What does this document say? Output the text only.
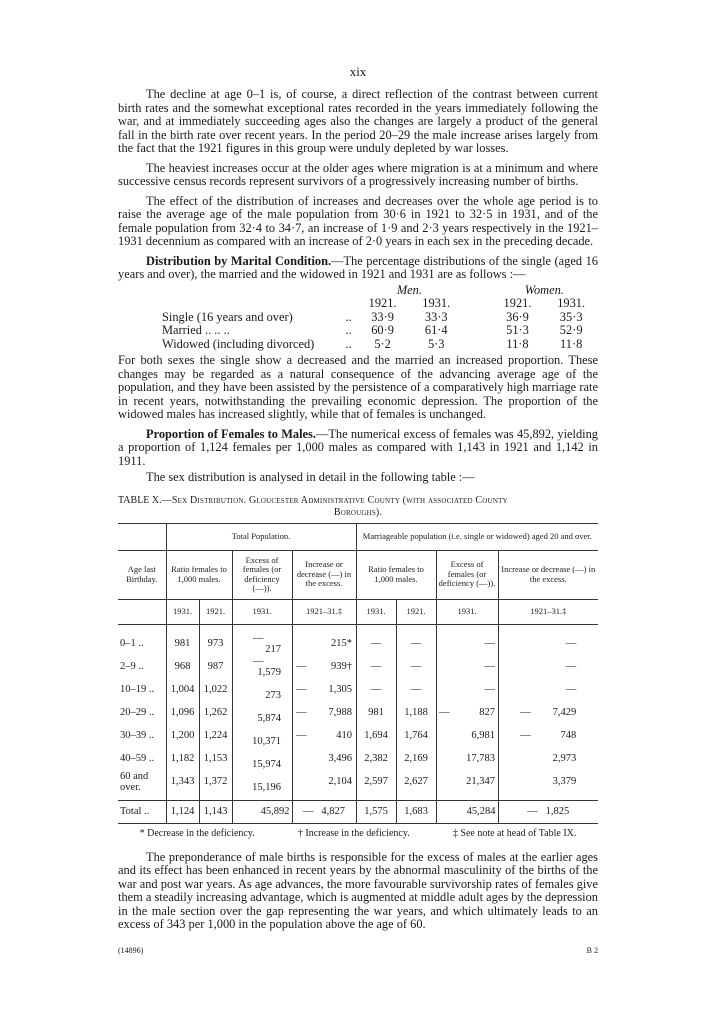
xix

The decline at age 0–1 is, of course, a direct reflection of the contrast between current birth rates and the somewhat exceptional rates recorded in the years immediately following the war, and at immediately succeeding ages also the changes are largely a product of the general fall in the birth rate over recent years. In the period 20–29 the male increase arises largely from the fact that the 1921 figures in this group were unduly depleted by war losses.

The heaviest increases occur at the older ages where migration is at a minimum and where successive census records represent survivors of a progressively increasing number of births.

The effect of the distribution of increases and decreases over the whole age period is to raise the average age of the male population from 30·6 in 1921 to 32·5 in 1931, and of the female population from 32·4 to 34·7, an increase of 1·9 and 2·3 years respectively in the 1921–1931 decennium as compared with an increase of 2·0 years in each sex in the preceding decade.

Distribution by Marital Condition.—The percentage distributions of the single (aged 16 years and over), the married and the widowed in 1921 and 1931 are as follows :—

		Men.			Women.	
		1921.	1931.		1921.	1931.
Single (16 years and over)	..	33·9	33·3		36·9	35·3
Married .. .. ..	..	60·9	61·4		51·3	52·9
Widowed (including divorced)	..	5·2	5·3		11·8	11·8

For both sexes the single show a decreased and the married an increased proportion. These changes may be regarded as a natural consequence of the advancing average age of the population, and they have been assisted by the persistence of a comparatively high marriage rate in recent years, notwithstanding the prevailing economic depression. The proportion of the widowed males has increased slightly, while that of females is unchanged.

Proportion of Females to Males.—The numerical excess of females was 45,892, yielding a proportion of 1,124 females per 1,000 males as compared with 1,143 in 1921 and 1,142 in 1911.

The sex distribution is analysed in detail in the following table :—

TABLE X.—Sex Distribution. Gloucester Administrative County (with associated County
Boroughs).
	Total Population.				Marriageable population (i.e. single or widowed) aged 20 and over.			
Age last Birthday.	Ratio females to 1,000 males.		Excess of females (or deficiency (—)).	Increase or decrease (—) in the excess.	Ratio females to 1,000 males.		Excess of females (or deficiency (—)).	Increase or decrease (—) in the excess.
	1931.	1921.	1931.	1921–31.‡	1931.	1921.	1931.	1921–31.‡
0–1 ..	981	973	—217	215*	—	—	—	—
2–9 ..	968	987	—1,579	— 939†	—	—	—	—
10–19 ..	1,004	1,022	273	— 1,305	—	—	—	—
20–29 ..	1,096	1,262	5,874	— 7,988	981	1,188	— 827	— 7,429
30–39 ..	1,200	1,224	10,371	— 410	1,694	1,764	6,981	— 748
40–59 ..	1,182	1,153	15,974	3,496	2,382	2,169	17,783	2,973
60 and over.	1,343	1,372	15,196	2,104	2,597	2,627	21,347	3,379

Total ..	1,124	1,143	45,892	— 4,827	1,575	1,683	45,284	— 1,825
* Decrease in the deficiency.	† Increase in the deficiency.	‡ See note at head of Table IX.

The preponderance of male births is responsible for the excess of males at the earlier ages and its effect has been enhanced in recent years by the abnormal masculinity of the births of the war and post war years. As age advances, the more favourable survivorship rates of females give them a steadily increasing advantage, which is augmented at middle adult ages by the depression in the male section over the gap representing the war years, and which ultimately leads to an excess of 343 per 1,000 in the population above the age of 60.

(14896)	B 2
